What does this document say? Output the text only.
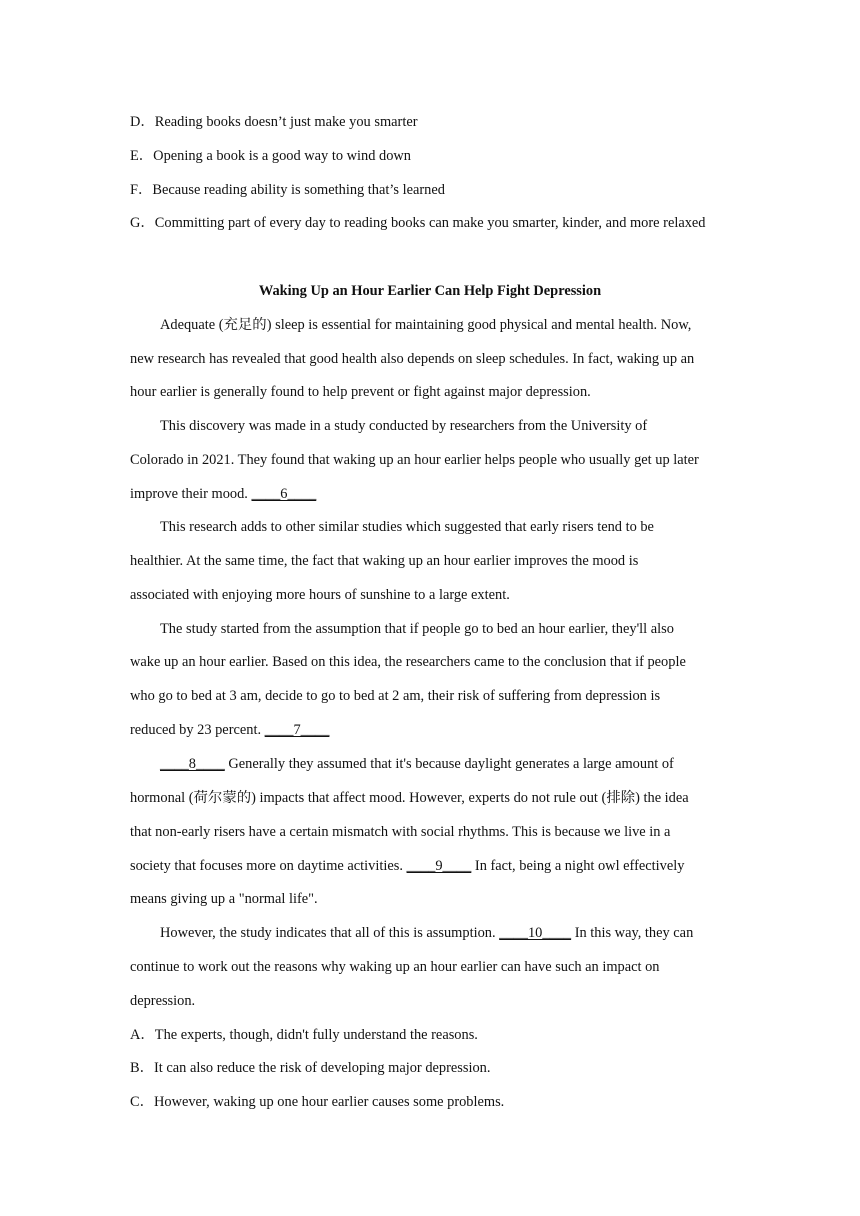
D．Reading books doesn’t just make you smarter
E．Opening a book is a good way to wind down
F．Because reading ability is something that’s learned
G．Committing part of every day to reading books can make you smarter, kinder, and more relaxed
Waking Up an Hour Earlier Can Help Fight Depression
Adequate (充足的) sleep is essential for maintaining good physical and mental health. Now,
new research has revealed that good health also depends on sleep schedules. In fact, waking up an
hour earlier is generally found to help prevent or fight against major depression.
This discovery was made in a study conducted by researchers from the University of
Colorado in 2021. They found that waking up an hour earlier helps people who usually get up later
improve their mood. ____6____
This research adds to other similar studies which suggested that early risers tend to be
healthier. At the same time, the fact that waking up an hour earlier improves the mood is
associated with enjoying more hours of sunshine to a large extent.
The study started from the assumption that if people go to bed an hour earlier, they'll also
wake up an hour earlier. Based on this idea, the researchers came to the conclusion that if people
who go to bed at 3 am, decide to go to bed at 2 am, their risk of suffering from depression is
reduced by 23 percent. ____7____
____8____ Generally they assumed that it's because daylight generates a large amount of
hormonal (荷尔蒙的) impacts that affect mood. However, experts do not rule out (排除) the idea
that non-early risers have a certain mismatch with social rhythms. This is because we live in a
society that focuses more on daytime activities. ____9____ In fact, being a night owl effectively
means giving up a "normal life".
However, the study indicates that all of this is assumption. ____10____ In this way, they can
continue to work out the reasons why waking up an hour earlier can have such an impact on
depression.
A．The experts, though, didn't fully understand the reasons.
B．It can also reduce the risk of developing major depression.
C．However, waking up one hour earlier causes some problems.
